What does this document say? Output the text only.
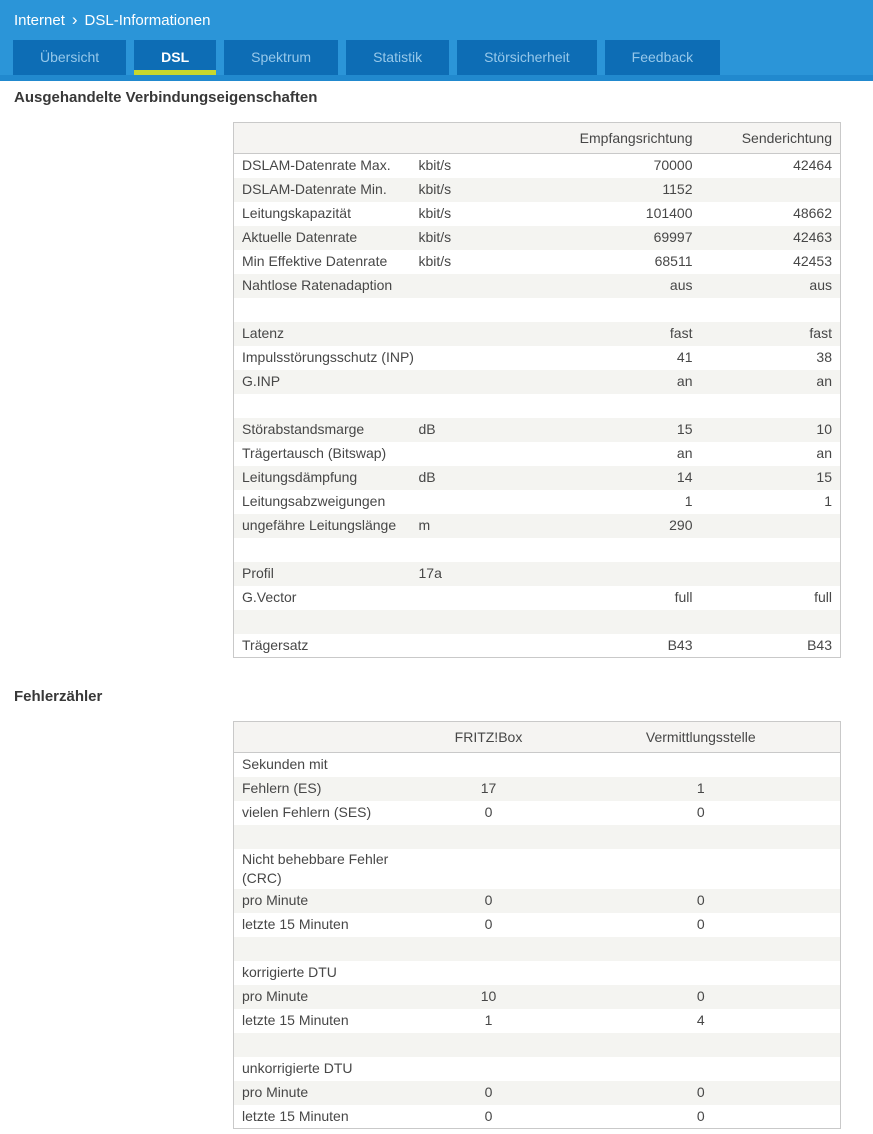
Internet › DSL-Informationen
Übersicht	DSL	Spektrum	Statistik	Störsicherheit	Feedback
Ausgehandelte Verbindungseigenschaften
		Empfangsrichtung	Senderichtung
DSLAM-Datenrate Max.	kbit/s	70000	42464
DSLAM-Datenrate Min.	kbit/s	1152	
Leitungskapazität	kbit/s	101400	48662
Aktuelle Datenrate	kbit/s	69997	42463
Min Effektive Datenrate	kbit/s	68511	42453
Nahtlose Ratenadaption		aus	aus

Latenz		fast	fast
Impulsstörungsschutz (INP)		41	38
G.INP		an	an

Störabstandsmarge	dB	15	10
Trägertausch (Bitswap)		an	an
Leitungsdämpfung	dB	14	15
Leitungsabzweigungen		1	1
ungefähre Leitungslänge	m	290	

Profil	17a		
G.Vector		full	full

Trägersatz		B43	B43
Fehlerzähler
	FRITZ!Box	Vermittlungsstelle
Sekunden mit		
Fehlern (ES)	17	1
vielen Fehlern (SES)	0	0

Nicht behebbare Fehler (CRC)		
pro Minute	0	0
letzte 15 Minuten	0	0

korrigierte DTU		
pro Minute	10	0
letzte 15 Minuten	1	4

unkorrigierte DTU		
pro Minute	0	0
letzte 15 Minuten	0	0
